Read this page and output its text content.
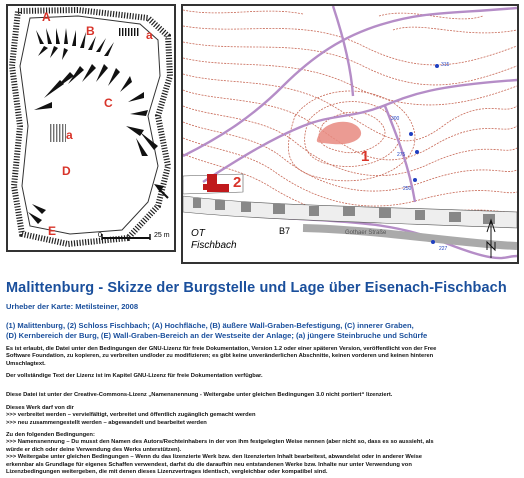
A
B	a
C
a
D
E	0	25 m
315
300
275
250
227
1
2
OT
Fischbach
B7	Gothaer Straße
Malittenburg - Skizze der Burgstelle und Lage über Eisenach-Fischbach
Urheber der Karte: Metilsteiner, 2008
(1) Malittenburg, (2) Schloss Fischbach; (A) Hochfläche, (B) äußere Wall-Graben-Befestigung, (C) innerer Graben,
(D) Kernbereich der Burg, (E) Wall-Graben-Bereich an der Westseite der Anlage; (a) jüngere Steinbruche und Schürfe
Es ist erlaubt, die Datei unter den Bedingungen der GNU-Lizenz für freie Dokumentation, Version 1.2 oder einer späteren Version, veröffentlicht von der Free
Software Foundation, zu kopieren, zu verbreiten und/oder zu modifizieren; es gibt keine unveränderlichen Abschnitte, keinen vorderen und keinen hinteren
Umschlagtext.
Der vollständige Text der Lizenz ist im Kapitel GNU-Lizenz für freie Dokumentation verfügbar.
Diese Datei ist unter der Creative-Commons-Lizenz „Namensnennung - Weitergabe unter gleichen Bedingungen 3.0 nicht portiert“ lizenziert.
Dieses Werk darf von dir
>>> verbreitet werden – vervielfältigt, verbreitet und öffentlich zugänglich gemacht werden
>>> neu zusammengestellt werden – abgewandelt und bearbeitet werden
Zu den folgenden Bedingungen:
>>> Namensnennung – Du musst den Namen des Autors/Rechteinhabers in der von ihm festgelegten Weise nennen (aber nicht so, dass es so aussieht, als
würde er dich oder deine Verwendung des Werks unterstützen).
>>> Weitergabe unter gleichen Bedingungen – Wenn du das lizenzierte Werk bzw. den lizenzierten Inhalt bearbeitest, abwandelst oder in anderer Weise
erkennbar als Grundlage für eigenes Schaffen verwendest, darfst du die daraufhin neu entstandenen Werke bzw. Inhalte nur unter Verwendung von
Lizenzbedingungen weitergeben, die mit denen dieses Lizenzvertrages identisch, vergleichbar oder kompatibel sind.
